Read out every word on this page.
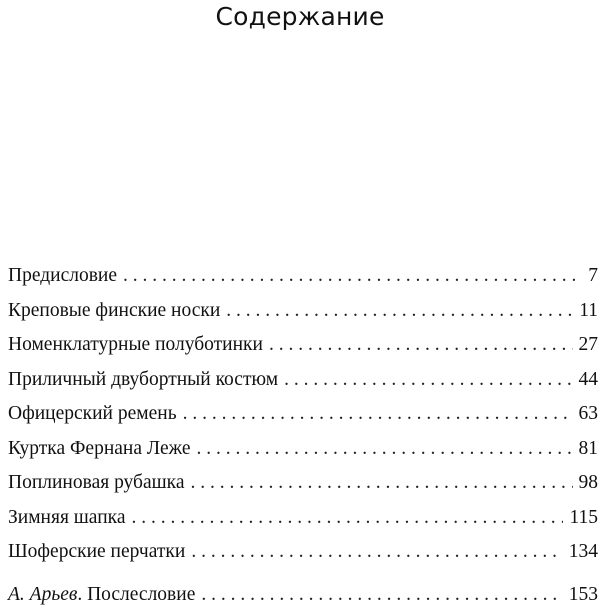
Содержание
Предисловие . . .	7
Креповые финские носки . . .	11
Номенклатурные полуботинки . . .	27
Приличный двубортный костюм . . .	44
Офицерский ремень . . .	63
Куртка Фернана Леже . . .	81
Поплиновая рубашка . . .	98
Зимняя шапка . . .	115
Шоферские перчатки . . .	134
А. Арьев. Послесловие . . .	153
